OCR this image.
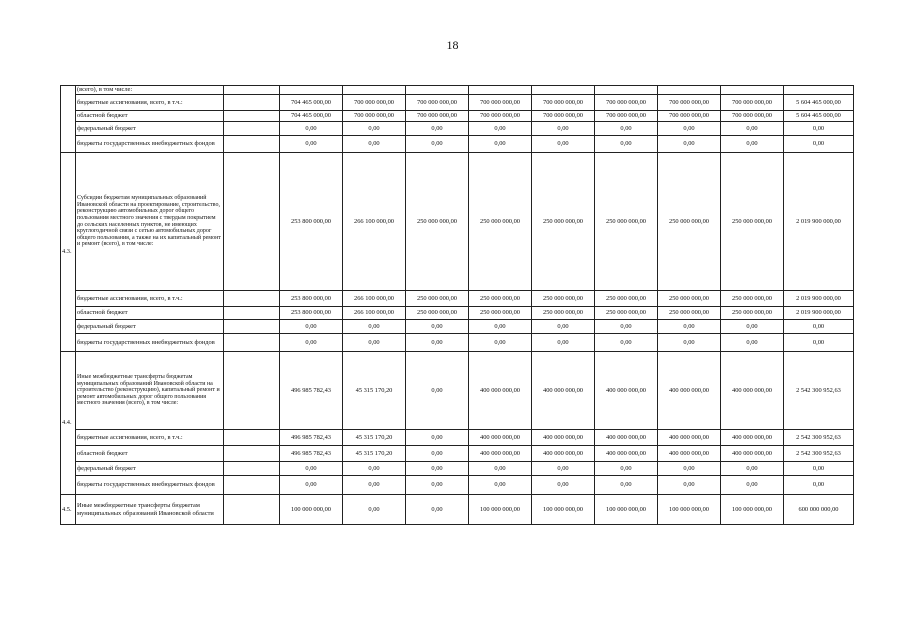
18
	(всего), в том числе:										
	бюджетные ассигнования, всего, в т.ч.:		704 465 000,00	700 000 000,00	700 000 000,00	700 000 000,00	700 000 000,00	700 000 000,00	700 000 000,00	700 000 000,00	5 604 465 000,00
	областной бюджет		704 465 000,00	700 000 000,00	700 000 000,00	700 000 000,00	700 000 000,00	700 000 000,00	700 000 000,00	700 000 000,00	5 604 465 000,00
	федеральный бюджет		0,00	0,00	0,00	0,00	0,00	0,00	0,00	0,00	0,00
	бюджеты государственных внебюджетных фондов		0,00	0,00	0,00	0,00	0,00	0,00	0,00	0,00	0,00
4.3.	Субсидии бюджетам муниципальных образований Ивановской области на проектирование, строительство, реконструкцию автомобильных дорог общего пользования местного значения с твердым покрытием до сельских населенных пунктов, не имеющих круглогодичной связи с сетью автомобильных дорог общего пользования, а также на их капитальный ремонт и ремонт (всего), в том числе:		253 800 000,00	266 100 000,00	250 000 000,00	250 000 000,00	250 000 000,00	250 000 000,00	250 000 000,00	250 000 000,00	2 019 900 000,00
	бюджетные ассигнования, всего, в т.ч.:		253 800 000,00	266 100 000,00	250 000 000,00	250 000 000,00	250 000 000,00	250 000 000,00	250 000 000,00	250 000 000,00	2 019 900 000,00
	областной бюджет		253 800 000,00	266 100 000,00	250 000 000,00	250 000 000,00	250 000 000,00	250 000 000,00	250 000 000,00	250 000 000,00	2 019 900 000,00
	федеральный бюджет		0,00	0,00	0,00	0,00	0,00	0,00	0,00	0,00	0,00
	бюджеты государственных внебюджетных фондов		0,00	0,00	0,00	0,00	0,00	0,00	0,00	0,00	0,00
4.4.	Иные межбюджетные трансферты бюджетам муниципальных образований Ивановской области на строительство (реконструкцию), капитальный ремонт и ремонт автомобильных дорог общего пользования местного значения (всего), в том числе:		496 985 782,43	45 315 170,20	0,00	400 000 000,00	400 000 000,00	400 000 000,00	400 000 000,00	400 000 000,00	2 542 300 952,63
	бюджетные ассигнования, всего, в т.ч.:		496 985 782,43	45 315 170,20	0,00	400 000 000,00	400 000 000,00	400 000 000,00	400 000 000,00	400 000 000,00	2 542 300 952,63
	областной бюджет		496 985 782,43	45 315 170,20	0,00	400 000 000,00	400 000 000,00	400 000 000,00	400 000 000,00	400 000 000,00	2 542 300 952,63
	федеральный бюджет		0,00	0,00	0,00	0,00	0,00	0,00	0,00	0,00	0,00
	бюджеты государственных внебюджетных фондов		0,00	0,00	0,00	0,00	0,00	0,00	0,00	0,00	0,00
4.5.	Иные межбюджетные трансферты бюджетам муниципальных образований Ивановской области		100 000 000,00	0,00	0,00	100 000 000,00	100 000 000,00	100 000 000,00	100 000 000,00	100 000 000,00	600 000 000,00
